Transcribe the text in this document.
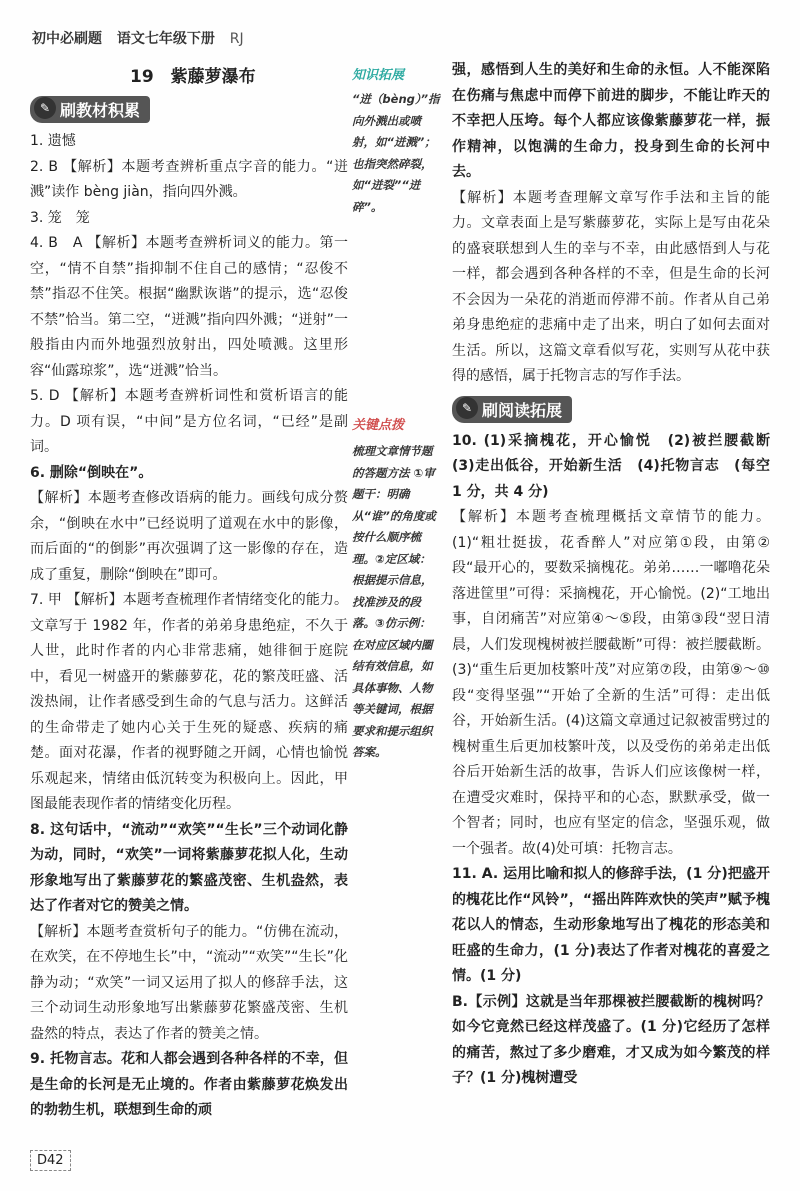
初中必刷题 语文七年级下册 RJ
19　紫藤萝瀑布
✎ 刷教材积累

1. 遗憾

2. B 【解析】本题考查辨析重点字音的能力。“迸溅”读作 bèng jiàn，指向四外溅。

3. 笼　笼

4. B　A 【解析】本题考查辨析词义的能力。第一空，“情不自禁”指抑制不住自己的感情；“忍俊不禁”指忍不住笑。根据“幽默诙谐”的提示，选“忍俊不禁”恰当。第二空，“迸溅”指向四外溅；“迸射”一般指由内而外地强烈放射出，四处喷溅。这里形容“仙露琼浆”，选“迸溅”恰当。

5. D 【解析】本题考查辨析词性和赏析语言的能力。D 项有误，“中间”是方位名词，“已经”是副词。

6. 删除“倒映在”。

【解析】本题考查修改语病的能力。画线句成分赘余，“倒映在水中”已经说明了道观在水中的影像，而后面的“的倒影”再次强调了这一影像的存在，造成了重复，删除“倒映在”即可。

7. 甲 【解析】本题考查梳理作者情绪变化的能力。文章写于 1982 年，作者的弟弟身患绝症，不久于人世，此时作者的内心非常悲痛，她徘徊于庭院中，看见一树盛开的紫藤萝花，花的繁茂旺盛、活泼热闹，让作者感受到生命的气息与活力。这鲜活的生命带走了她内心关于生死的疑惑、疾病的痛楚。面对花瀑，作者的视野随之开阔，心情也愉悦乐观起来，情绪由低沉转变为积极向上。因此，甲图最能表现作者的情绪变化历程。

8. 这句话中，“流动”“欢笑”“生长”三个动词化静为动，同时，“欢笑”一词将紫藤萝花拟人化，生动形象地写出了紫藤萝花的繁盛茂密、生机盎然，表达了作者对它的赞美之情。

【解析】本题考查赏析句子的能力。“仿佛在流动，在欢笑，在不停地生长”中，“流动”“欢笑”“生长”化静为动；“欢笑”一词又运用了拟人的修辞手法，这三个动词生动形象地写出紫藤萝花繁盛茂密、生机盎然的特点，表达了作者的赞美之情。

9. 托物言志。花和人都会遇到各种各样的不幸，但是生命的长河是无止境的。作者由紫藤萝花焕发出的勃勃生机，联想到生命的顽

知识拓展
“迸（bèng）”指向外溅出或喷射，如“迸溅”；也指突然碎裂，如“迸裂”“迸碎”。
关键点拨
梳理文章情节题的答题方法 ①审题干：明确从“谁”的角度或按什么顺序梳理。②定区域：根据提示信息，找准涉及的段落。③仿示例：在对应区域内圈结有效信息，如具体事物、人物等关键词，根据要求和提示组织答案。

强，感悟到人生的美好和生命的永恒。人不能深陷在伤痛与焦虑中而停下前进的脚步，不能让昨天的不幸把人压垮。每个人都应该像紫藤萝花一样，振作精神，以饱满的生命力，投身到生命的长河中去。

【解析】本题考查理解文章写作手法和主旨的能力。文章表面上是写紫藤萝花，实际上是写由花朵的盛衰联想到人生的幸与不幸，由此感悟到人与花一样，都会遇到各种各样的不幸，但是生命的长河不会因为一朵花的消逝而停滞不前。作者从自己弟弟身患绝症的悲痛中走了出来，明白了如何去面对生活。所以，这篇文章看似写花，实则写从花中获得的感悟，属于托物言志的写作手法。

✎ 刷阅读拓展

10. (1)采摘槐花，开心愉悦　(2)被拦腰截断　(3)走出低谷，开始新生活　(4)托物言志　(每空 1 分，共 4 分)

【解析】本题考查梳理概括文章情节的能力。(1)“粗壮挺拔，花香醉人”对应第①段，由第②段“最开心的，要数采摘槐花。弟弟……一嘟噜花朵落进筐里”可得：采摘槐花，开心愉悦。(2)“工地出事，自闭痛苦”对应第④～⑤段，由第③段“翌日清晨，人们发现槐树被拦腰截断”可得：被拦腰截断。(3)“重生后更加枝繁叶茂”对应第⑦段，由第⑨～⑩段“变得坚强”“开始了全新的生活”可得：走出低谷，开始新生活。(4)这篇文章通过记叙被雷劈过的槐树重生后更加枝繁叶茂，以及受伤的弟弟走出低谷后开始新生活的故事，告诉人们应该像树一样，在遭受灾难时，保持平和的心态，默默承受，做一个智者；同时，也应有坚定的信念，坚强乐观，做一个强者。故(4)处可填：托物言志。

11. A. 运用比喻和拟人的修辞手法，(1 分)把盛开的槐花比作“风铃”，“摇出阵阵欢快的笑声”赋予槐花以人的情态，生动形象地写出了槐花的形态美和旺盛的生命力，(1 分)表达了作者对槐花的喜爱之情。(1 分)

B.【示例】这就是当年那棵被拦腰截断的槐树吗？如今它竟然已经这样茂盛了。(1 分)它经历了怎样的痛苦，熬过了多少磨难，才又成为如今繁茂的样子？(1 分)槐树遭受

D42
